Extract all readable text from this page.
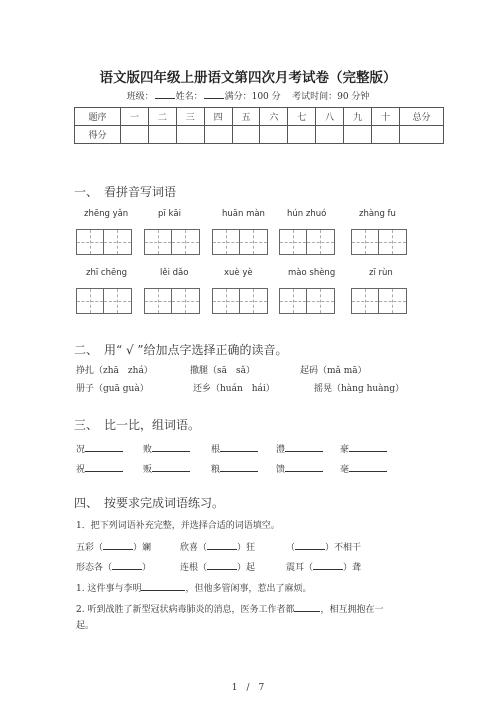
语文版四年级上册语文第四次月考试卷（完整版）
班级： 姓名： 满分：100 分 考试时间：90 分钟
题序	一	二	三	四	五	六	七	八	九	十	总分
得分											
一、　看拼音写词语
zhēng yǎn	pī kāi	huān màn	hún zhuó	zhàng fu
zhī chēng	lěi dǎo	xuè yè	mào shèng	zī rùn
二、　用“ √ ”给加点字选择正确的读音。
挣扎（zhā　zhá）	撒腿（sā　sǎ）	起码（mǎ mā）
册子（guā guà）	还乡（huán　hái）	摇晃（hàng huàng）
三、　比一比，组词语。
况	败	根	澧	豪
祝	贩	粮	馈	毫
四、　按要求完成词语练习。
1．把下列词语补充完整，并选择合适的词语填空。
五彩（	）斓	欣喜（	）狂	（	）不相干
形态各（	）	连根（	）起	震耳（	）聋
1. 这件事与李明	，但他多管闲事，惹出了麻烦。
2. 听到战胜了新型冠状病毒肺炎的消息，医务工作者都	，相互拥抱在一
起。
1　/　7
